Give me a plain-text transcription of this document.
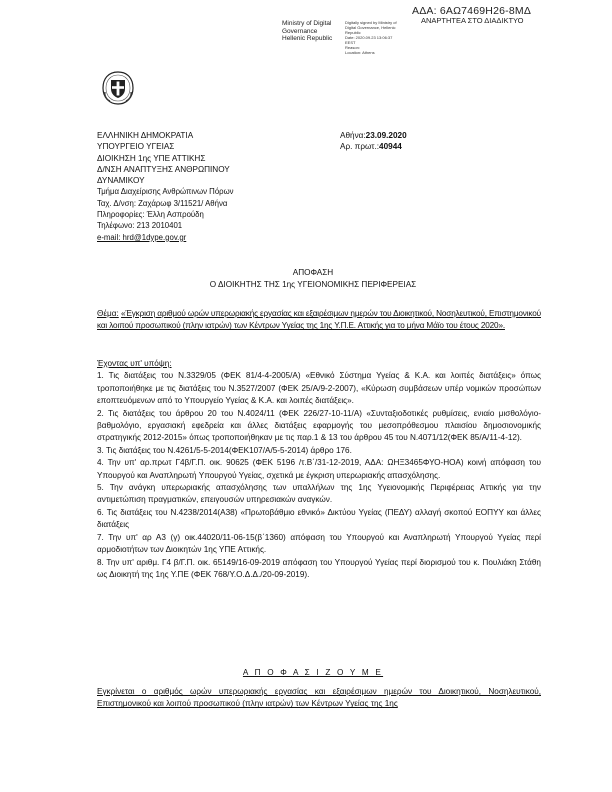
ΑΔΑ: 6ΑΩ7469Η26-8ΜΔ
ΑΝΑΡΤΗΤΕΑ ΣΤΟ ΔΙΑΔΙΚΤΥΟ
Ministry of Digital
Governance
Hellenic Republic
Digitally signed by Ministry of
Digital Governance, Hellenic
Republic
Date: 2020.09.23 13:06:37
EEST
Reason:
Location: Athens
ΕΛΛΗΝΙΚΗ ΔΗΜΟΚΡΑΤΙΑ
ΥΠΟΥΡΓΕΙΟ ΥΓΕΙΑΣ
ΔΙΟΙΚΗΣΗ 1ης ΥΠΕ ΑΤΤΙΚΗΣ
Δ/ΝΣΗ ΑΝΑΠΤΥΞΗΣ ΑΝΘΡΩΠΙΝΟΥ
ΔΥΝΑΜΙΚΟΥ
Τμήμα Διαχείρισης Ανθρώπινων Πόρων
Ταχ. Δ/νση: Ζαχάρωφ 3/11521/ Αθήνα
Πληροφορίες: Έλλη Ασπρούδη
Τηλέφωνο: 213 2010401
e-mail: hrd@1dype.gov.gr
Αθήνα:23.09.2020
Αρ. πρωτ.:40944
ΑΠΟΦΑΣΗ
Ο ΔΙΟΙΚΗΤΗΣ ΤΗΣ 1ης ΥΓΕΙΟΝΟΜΙΚΗΣ ΠΕΡΙΦΕΡΕΙΑΣ

Θέμα: «Έγκριση αριθμού ωρών υπερωριακής εργασίας και εξαιρέσιμων ημερών του Διοικητικού, Νοσηλευτικού, Επιστημονικού και λοιπού προσωπικού (πλην ιατρών) των Κέντρων Υγείας της 1ης Υ.Π.Ε. Αττικής για το μήνα Μάϊο του έτους 2020».

Έχοντας υπ' υπόψη:

1. Τις διατάξεις του Ν.3329/05 (ΦΕΚ 81/4-4-2005/Α) «Εθνικό Σύστημα Υγείας & Κ.Α. και λοιπές διατάξεις» όπως τροποποιήθηκε με τις διατάξεις του Ν.3527/2007 (ΦΕΚ 25/Α/9-2-2007), «Κύρωση συμβάσεων υπέρ νομικών προσώπων εποπτευόμενων από το Υπουργείο Υγείας & Κ.Α. και λοιπές διατάξεις».

2. Τις διατάξεις του άρθρου 20 του Ν.4024/11 (ΦΕΚ 226/27-10-11/Α) «Συνταξιοδοτικές ρυθμίσεις, ενιαίο μισθολόγιο-βαθμολόγιο, εργασιακή εφεδρεία και άλλες διατάξεις εφαρμογής του μεσοπρόθεσμου πλαισίου δημοσιονομικής στρατηγικής 2012-2015» όπως τροποποιήθηκαν με τις παρ.1 & 13 του άρθρου 45 του Ν.4071/12(ΦΕΚ 85/Α/11-4-12).

3. Τις διατάξεις του Ν.4261/5-5-2014(ΦΕΚ107/Α/5-5-2014) άρθρο 176.

4. Την υπ' αρ.πρωτ Γ4β/Γ.Π. οικ. 90625 (ΦΕΚ 5196 /τ.Β΄/31-12-2019, ΑΔΑ: ΩΗΞ3465ΦΥΟ-ΗΟΑ) κοινή απόφαση του Υπουργού και Αναπληρωτή Υπουργού Υγείας, σχετικά με έγκριση υπερωριακής απασχόλησης.

5. Την ανάγκη υπερωριακής απασχόλησης των υπαλλήλων της 1ης Υγειονομικής Περιφέρειας Αττικής για την αντιμετώπιση πραγματικών, επειγουσών υπηρεσιακών αναγκών.

6. Τις διατάξεις του Ν.4238/2014(Α38) «Πρωτοβάθμιο εθνικό» Δικτύου Υγείας (ΠΕΔΥ) αλλαγή σκοπού ΕΟΠΥΥ και άλλες διατάξεις

7. Την υπ' αρ Α3 (γ) οικ.44020/11-06-15(β΄1360) απόφαση του Υπουργού και Αναπληρωτή Υπουργού Υγείας περί αρμοδιοτήτων των Διοικητών 1ης ΥΠΕ Αττικής.

8. Την υπ' αριθμ. Γ4 β/Γ.Π. οικ. 65149/16-09-2019 απόφαση του Υπουργού Υγείας περί διορισμού του κ. Πουλιάκη Στάθη ως Διοικητή της 1ης Υ.ΠΕ (ΦΕΚ 768/Υ.Ο.Δ.Δ./20-09-2019).

Α Π Ο Φ Α Σ Ι Ζ Ο Υ Μ Ε

Εγκρίνεται ο αριθμός ωρών υπερωριακής εργασίας και εξαιρέσιμων ημερών του Διοικητικού, Νοσηλευτικού, Επιστημονικού και λοιπού προσωπικού (πλην ιατρών) των Κέντρων Υγείας της 1ης
